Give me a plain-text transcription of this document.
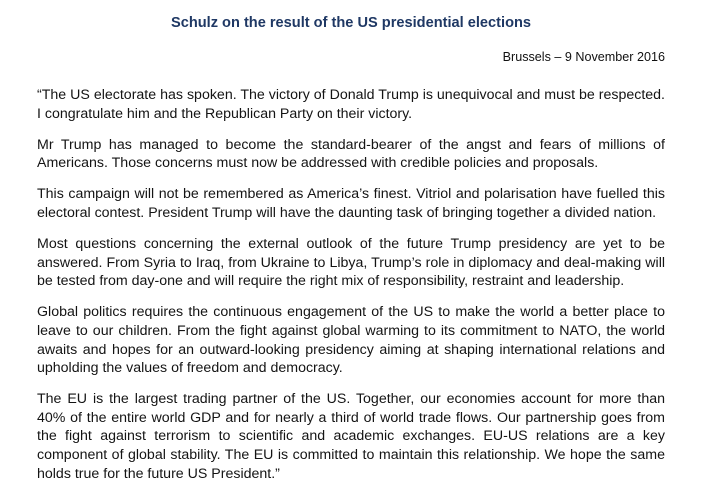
Schulz on the result of the US presidential elections
Brussels – 9 November 2016

“The US electorate has spoken. The victory of Donald Trump is unequivocal and must be respected. I congratulate him and the Republican Party on their victory.

Mr Trump has managed to become the standard-bearer of the angst and fears of millions of Americans. Those concerns must now be addressed with credible policies and proposals.

This campaign will not be remembered as America’s finest. Vitriol and polarisation have fuelled this electoral contest. President Trump will have the daunting task of bringing together a divided nation.

Most questions concerning the external outlook of the future Trump presidency are yet to be answered. From Syria to Iraq, from Ukraine to Libya, Trump’s role in diplomacy and deal-making will be tested from day-one and will require the right mix of responsibility, restraint and leadership.

Global politics requires the continuous engagement of the US to make the world a better place to leave to our children. From the fight against global warming to its commitment to NATO, the world awaits and hopes for an outward-looking presidency aiming at shaping international relations and upholding the values of freedom and democracy.

The EU is the largest trading partner of the US. Together, our economies account for more than 40% of the entire world GDP and for nearly a third of world trade flows. Our partnership goes from the fight against terrorism to scientific and academic exchanges. EU-US relations are a key component of global stability. The EU is committed to maintain this relationship. We hope the same holds true for the future US President.”
